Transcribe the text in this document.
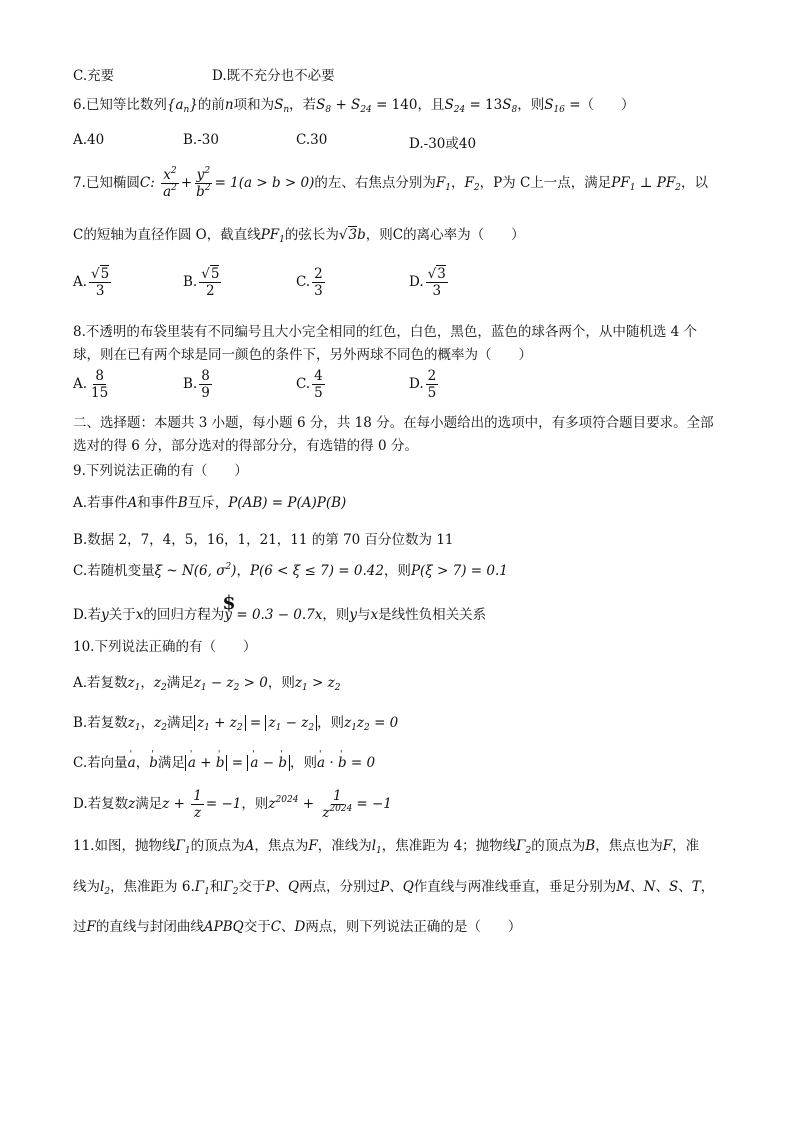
C.充要	D.既不充分也不必要
6.已知等比数列$\{a_n\}$的前n项和为$S_n$，若$S_8 + S_{24} = 140$，且$S_{24} = 13S_8$，则$S_{16}$ =（　　）
A.40	B.-30	C.30	D.-30或40
7.已知椭圆C: $\frac{x^2}{a^2} + \frac{y^2}{b^2} = 1(a > b > 0)$的左、右焦点分别为$F_1$，$F_2$，P为 C上一点，满足$PF_1$ ⊥ $PF_2$，以
C的短轴为直径作圆 O，截直线$PF_1$的弦长为 √ 3b，则C的离心率为（　　）
A. √ $\frac{5}{3}$	B. √ $\frac{5}{2}$	C. $\frac{2}{3}$	D. √ $\frac{3}{3}$
8.不透明的布袋里装有不同编号且大小完全相同的红色，白色，黑色，蓝色的球各两个，从中随机选 4 个
球，则在已有两个球是同一颜色的条件下，另外两球不同色的概率为（　　）
A. $\frac{8}{15}$	B. $\frac{8}{9}$	C. $\frac{4}{5}$	D. $\frac{2}{5}$
二、选择题：本题共 3 小题，每小题 6 分，共 18 分。在每小题给出的选项中，有多项符合题目要求。全部
选对的得 6 分，部分选对的得部分分，有选错的得 0 分。
9.下列说法正确的有（　　）
A.若事件A和事件B互斥，P(AB) = P(A)P(B)
B.数据 2，7，4，5，16，1，21，11 的第 70 百分位数为 11
C.若随机变量ξ ~ N(6, $\sigma^2$)，P(6 < ξ ≤ 7) = 0.42，则P(ξ > 7) = 0.1
D.若y关于x的回归方程为$ y = 0.3 − 0.7x，则y与x是线性负相关关系
10.下列说法正确的有（　　）
A.若复数$z_1$，$z_2$满足$z_1 - z_2 > 0$，则$z_1 > z_2$
B.若复数$z_1$，$z_2$满足 $z_1 + z_2 = z_1 - z_2$ ，则$z_1z_2 = 0$
C.若向量' a，' b满足 ' a + ' b = ' a − ' b ，则' a · ' b = 0
D.若复数z满足$z + \frac{1}{z} = -1$，则$z^{2024} + \frac{1}{z^{2024}} = -1$
11.如图，抛物线$\Gamma_1$的顶点为A，焦点为F，准线为$l_1$，焦准距为 4；抛物线$\Gamma_2$的顶点为B，焦点也为F，准
线为$l_2$，焦准距为 $6.\Gamma_1$和$\Gamma_2$交于P、Q两点，分别过P、Q作直线与两准线垂直，垂足分别为M、N、S、T，
过F的直线与封闭曲线APBQ交于C、D两点，则下列说法正确的是（　　）
